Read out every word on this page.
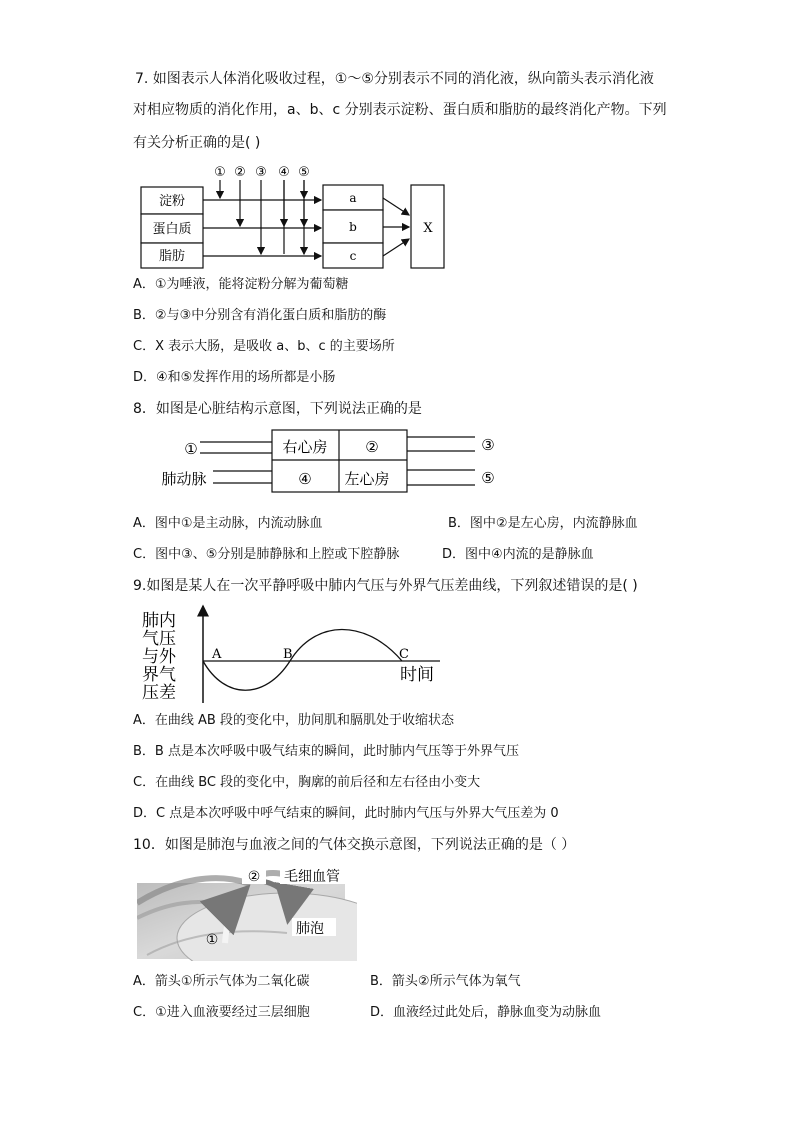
7. 如图表示人体消化吸收过程，①～⑤分别表示不同的消化液，纵向箭头表示消化液
对相应物质的消化作用，a、b、c 分别表示淀粉、蛋白质和脂肪的最终消化产物。下列
有关分析正确的是( )
淀粉
蛋白质
脂肪
① ② ③ ④ ⑤
a
b
c
X
A．①为唾液，能将淀粉分解为葡萄糖
B．②与③中分别含有消化蛋白质和脂肪的酶
C．X 表示大肠，是吸收 a、b、c 的主要场所
D．④和⑤发挥作用的场所都是小肠
8．如图是心脏结构示意图，下列说法正确的是
①	右心房	②
④ 左心房
肺动脉
③
⑤
A．图中①是主动脉，内流动脉血	B．图中②是左心房，内流静脉血
C．图中③、⑤分别是肺静脉和上腔或下腔静脉	D．图中④内流的是静脉血
9.如图是某人在一次平静呼吸中肺内气压与外界气压差曲线，下列叙述错误的是( )
肺内
气压
与外
界气
压差
A	B	C
时间
A．在曲线 AB 段的变化中，肋间肌和膈肌处于收缩状态
B．B 点是本次呼吸中吸气结束的瞬间，此时肺内气压等于外界气压
C．在曲线 BC 段的变化中，胸廓的前后径和左右径由小变大
D．C 点是本次呼吸中呼气结束的瞬间，此时肺内气压与外界大气压差为 0
10．如图是肺泡与血液之间的气体交换示意图，下列说法正确的是（ ）
② 毛细血管
肺泡
①
A．箭头①所示气体为二氧化碳	B．箭头②所示气体为氧气
C．①进入血液要经过三层细胞	D．血液经过此处后，静脉血变为动脉血
